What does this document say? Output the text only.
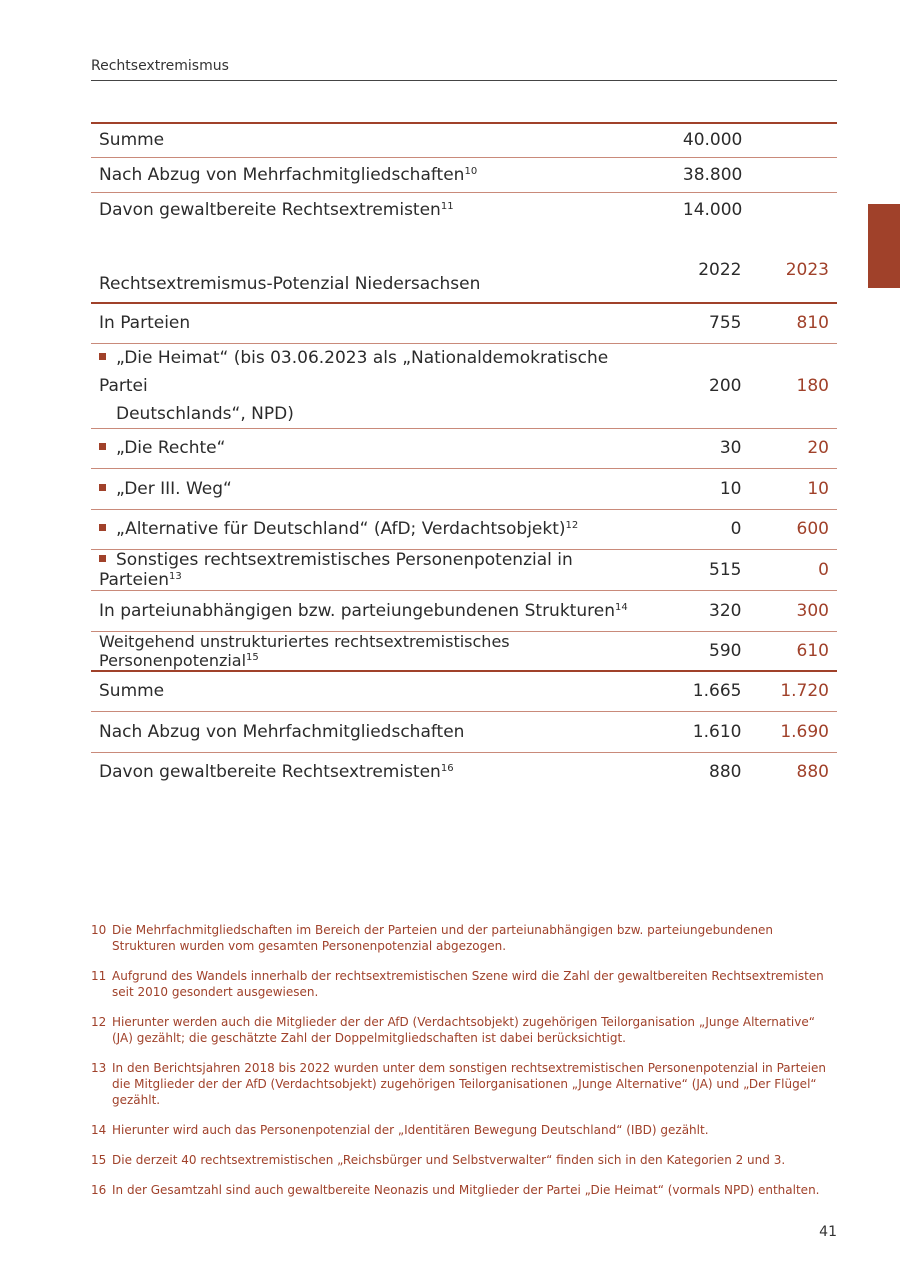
Rechtsextremismus
Summe	40.000	
Nach Abzug von Mehrfachmitgliedschaften$^{10}$	38.800	
Davon gewaltbereite Rechtsextremisten$^{11}$	14.000	
Rechtsextremismus-Potenzial Niedersachsen	2022	2023
In Parteien	755	810
„Die Heimat“ (bis 03.06.2023 als „Nationaldemokratische Partei
Deutschlands“, NPD)	200	180
„Die Rechte“	30	20
„Der III. Weg“	10	10
„Alternative für Deutschland“ (AfD; Verdachtsobjekt)$^{12}$	0	600
Sonstiges rechtsextremistisches Personenpotenzial in Parteien$^{13}$	515	0
In parteiunabhängigen bzw. parteiungebundenen Strukturen$^{14}$	320	300
Weitgehend unstrukturiertes rechtsextremistisches Personenpotenzial$^{15}$	590	610
Summe	1.665	1.720
Nach Abzug von Mehrfachmitgliedschaften	1.610	1.690
Davon gewaltbereite Rechtsextremisten$^{16}$	880	880
10 Die Mehrfachmitgliedschaften im Bereich der Parteien und der parteiunabhängigen bzw. parteiungebundenen Strukturen wurden vom gesamten Personenpotenzial abgezogen.
11 Aufgrund des Wandels innerhalb der rechtsextremistischen Szene wird die Zahl der gewaltbereiten Rechtsextremisten seit 2010 gesondert ausgewiesen.
12 Hierunter werden auch die Mitglieder der der AfD (Verdachtsobjekt) zugehörigen Teilorganisation „Junge Alternative“ (JA) gezählt; die geschätzte Zahl der Doppelmitgliedschaften ist dabei berücksichtigt.
13 In den Berichtsjahren 2018 bis 2022 wurden unter dem sonstigen rechtsextremistischen Personenpotenzial in Parteien die Mitglieder der der AfD (Verdachtsobjekt) zugehörigen Teilorganisationen „Junge Alternative“ (JA) und „Der Flügel“ gezählt.
14 Hierunter wird auch das Personenpotenzial der „Identitären Bewegung Deutschland“ (IBD) gezählt.
15 Die derzeit 40 rechtsextremistischen „Reichsbürger und Selbstverwalter“ finden sich in den Kategorien 2 und 3.
16 In der Gesamtzahl sind auch gewaltbereite Neonazis und Mitglieder der Partei „Die Heimat“ (vormals NPD) enthalten.
41
